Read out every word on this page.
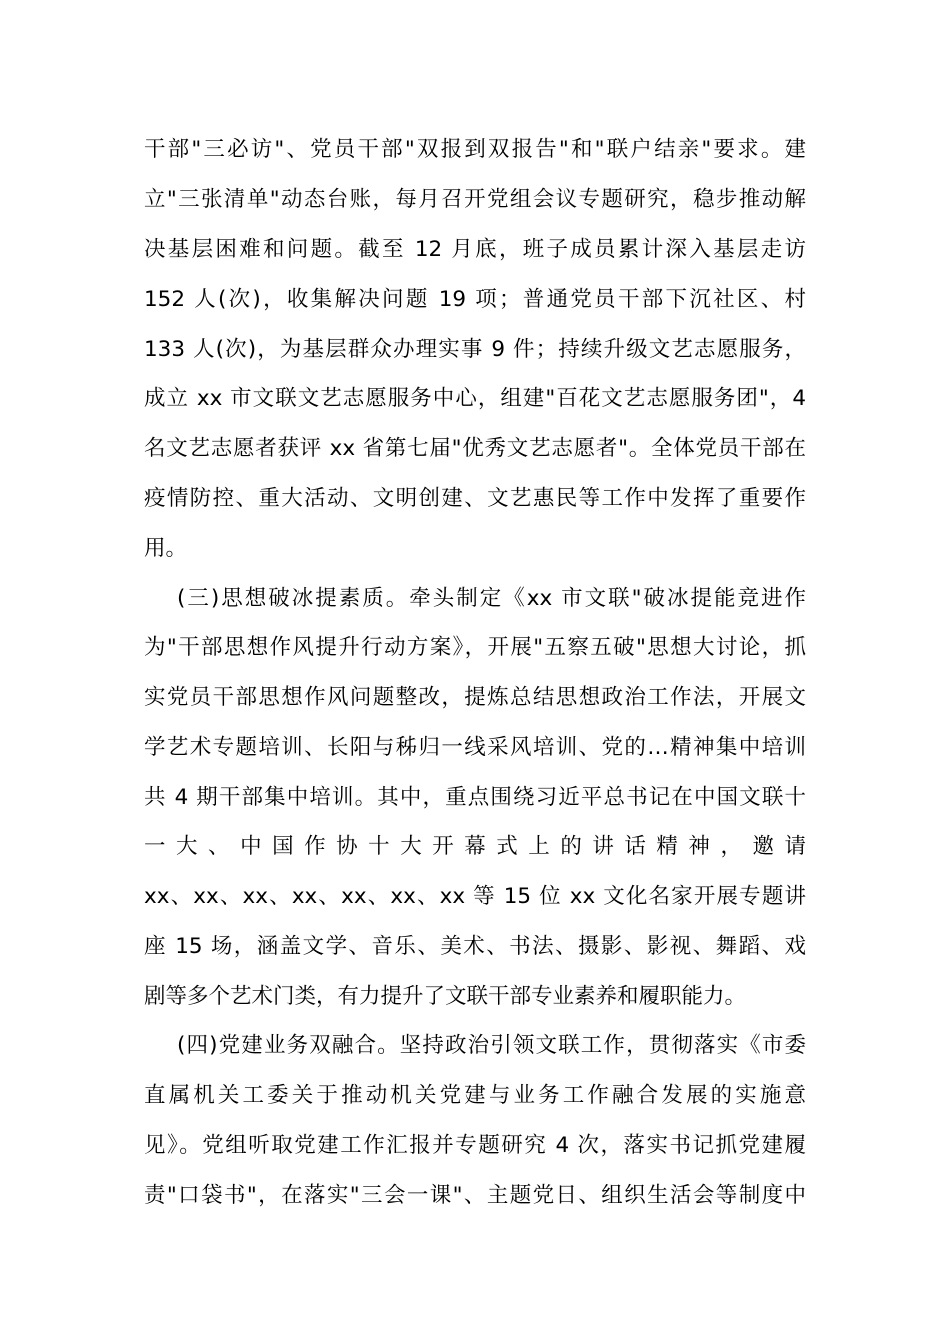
干部"三必访"、党员干部"双报到双报告"和"联户结亲"要求。建
立"三张清单"动态台账，每月召开党组会议专题研究，稳步推动解
决基层困难和问题。截至 12 月底，班子成员累计深入基层走访
152 人(次)，收集解决问题 19 项；普通党员干部下沉社区、村
133 人(次)，为基层群众办理实事 9 件；持续升级文艺志愿服务，
成立 xx 市文联文艺志愿服务中心，组建"百花文艺志愿服务团"，4
名文艺志愿者获评 xx 省第七届"优秀文艺志愿者"。全体党员干部在
疫情防控、重大活动、文明创建、文艺惠民等工作中发挥了重要作
用。
(三)思想破冰提素质。牵头制定《xx 市文联"破冰提能竞进作
为"干部思想作风提升行动方案》，开展"五察五破"思想大讨论，抓
实党员干部思想作风问题整改，提炼总结思想政治工作法，开展文
学艺术专题培训、长阳与秭归一线采风培训、党的…精神集中培训
共 4 期干部集中培训。其中，重点围绕习近平总书记在中国文联十
一 大 、 中 国 作 协 十 大 开 幕 式 上 的 讲 话 精 神 ， 邀 请
xx、xx、xx、xx、xx、xx、xx 等 15 位 xx 文化名家开展专题讲
座 15 场，涵盖文学、音乐、美术、书法、摄影、影视、舞蹈、戏
剧等多个艺术门类，有力提升了文联干部专业素养和履职能力。
(四)党建业务双融合。坚持政治引领文联工作，贯彻落实《市委
直属机关工委关于推动机关党建与业务工作融合发展的实施意
见》。党组听取党建工作汇报并专题研究 4 次，落实书记抓党建履
责"口袋书"，在落实"三会一课"、主题党日、组织生活会等制度中
